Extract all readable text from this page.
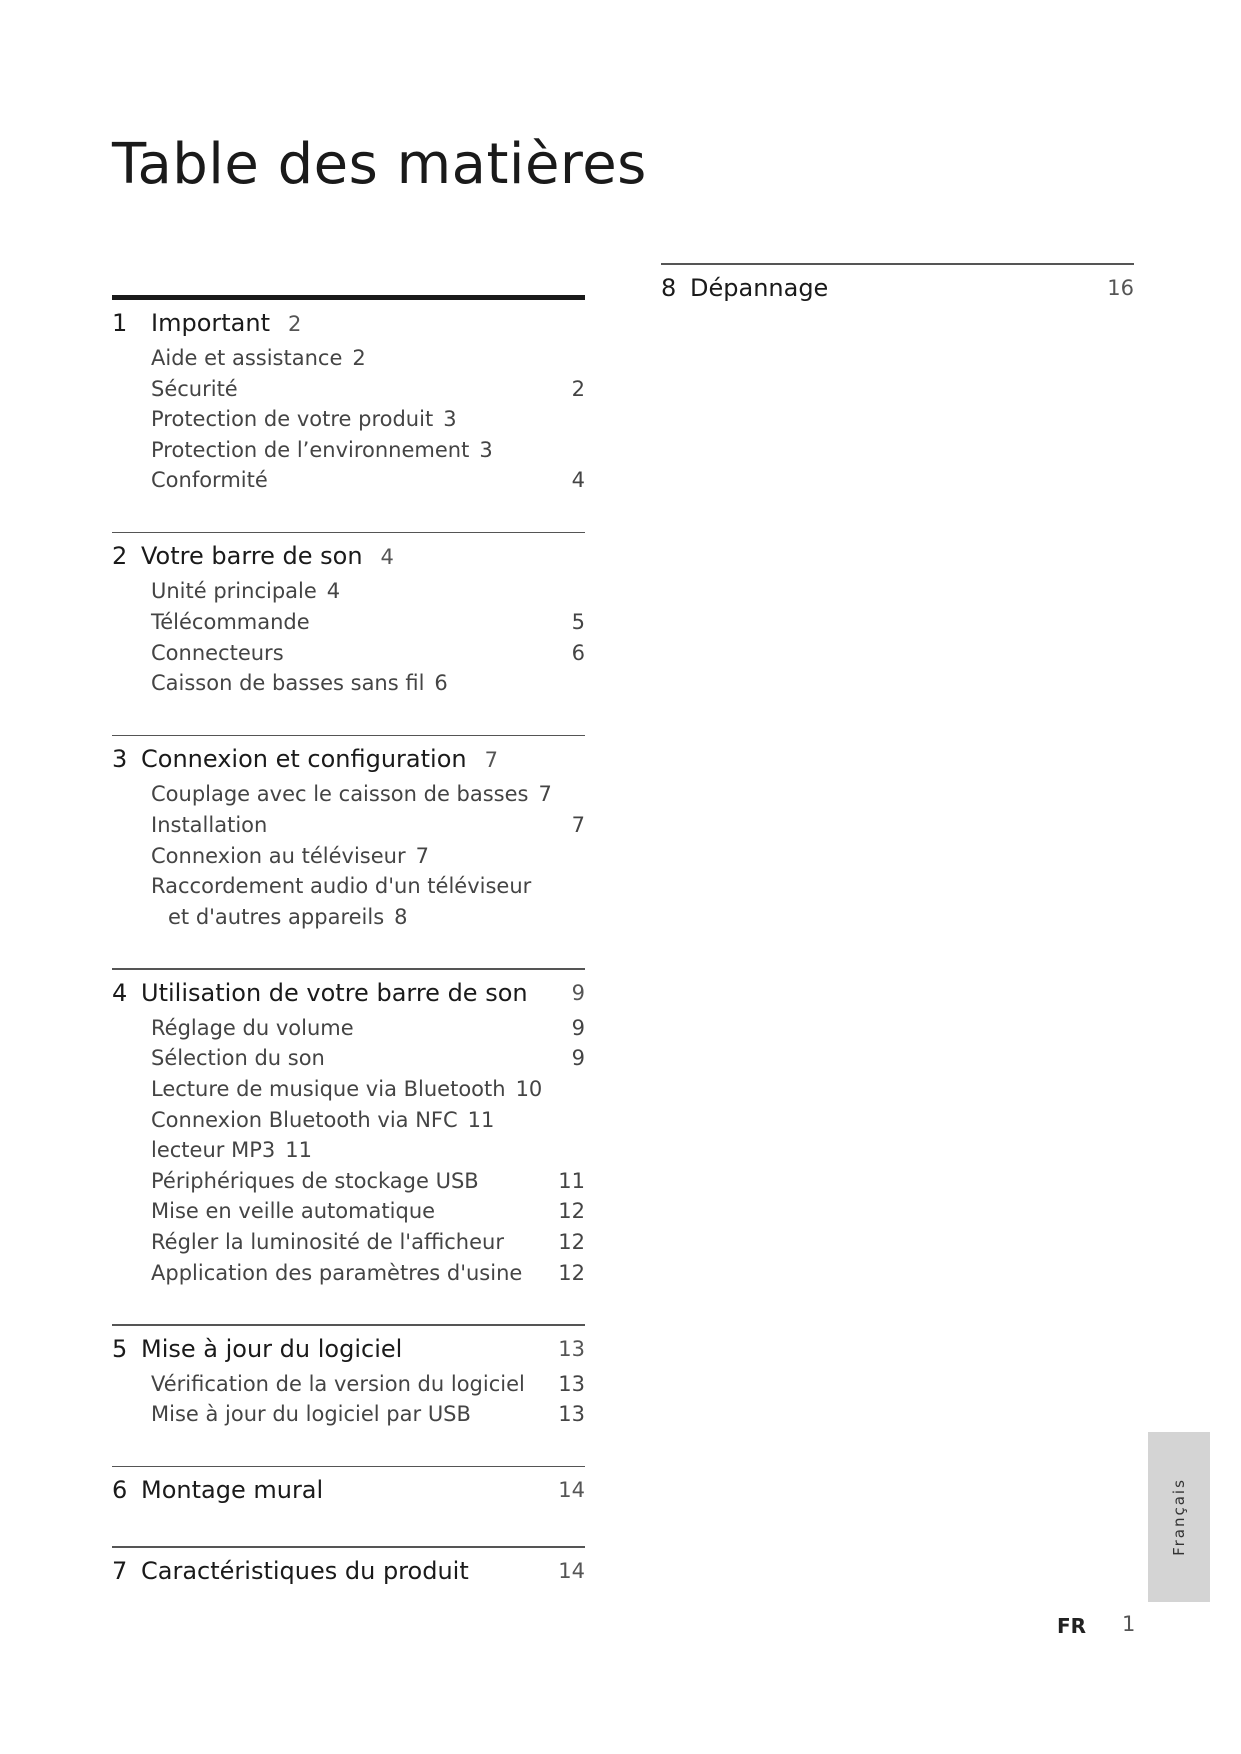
Table des matières
1 Important 2
Aide et assistance 2
Sécurité	2
Protection de votre produit 3
Protection de l’environnement 3
Conformité	4
2 Votre barre de son 4
Unité principale 4
Télécommande	5
Connecteurs	6
Caisson de basses sans fil 6
3 Connexion et configuration 7
Couplage avec le caisson de basses 7
Installation	7
Connexion au téléviseur 7
Raccordement audio d'un téléviseur
et d'autres appareils 8
4 Utilisation de votre barre de son 9
Réglage du volume	9
Sélection du son	9
Lecture de musique via Bluetooth 10
Connexion Bluetooth via NFC 11
lecteur MP3 11
Périphériques de stockage USB	11
Mise en veille automatique	12
Régler la luminosité de l'afficheur	12
Application des paramètres d'usine 12
5 Mise à jour du logiciel	13
Vérification de la version du logiciel 13
Mise à jour du logiciel par USB	13
6 Montage mural	14
7 Caractéristiques du produit	14
8 Dépannage	16
Français
FR 1
